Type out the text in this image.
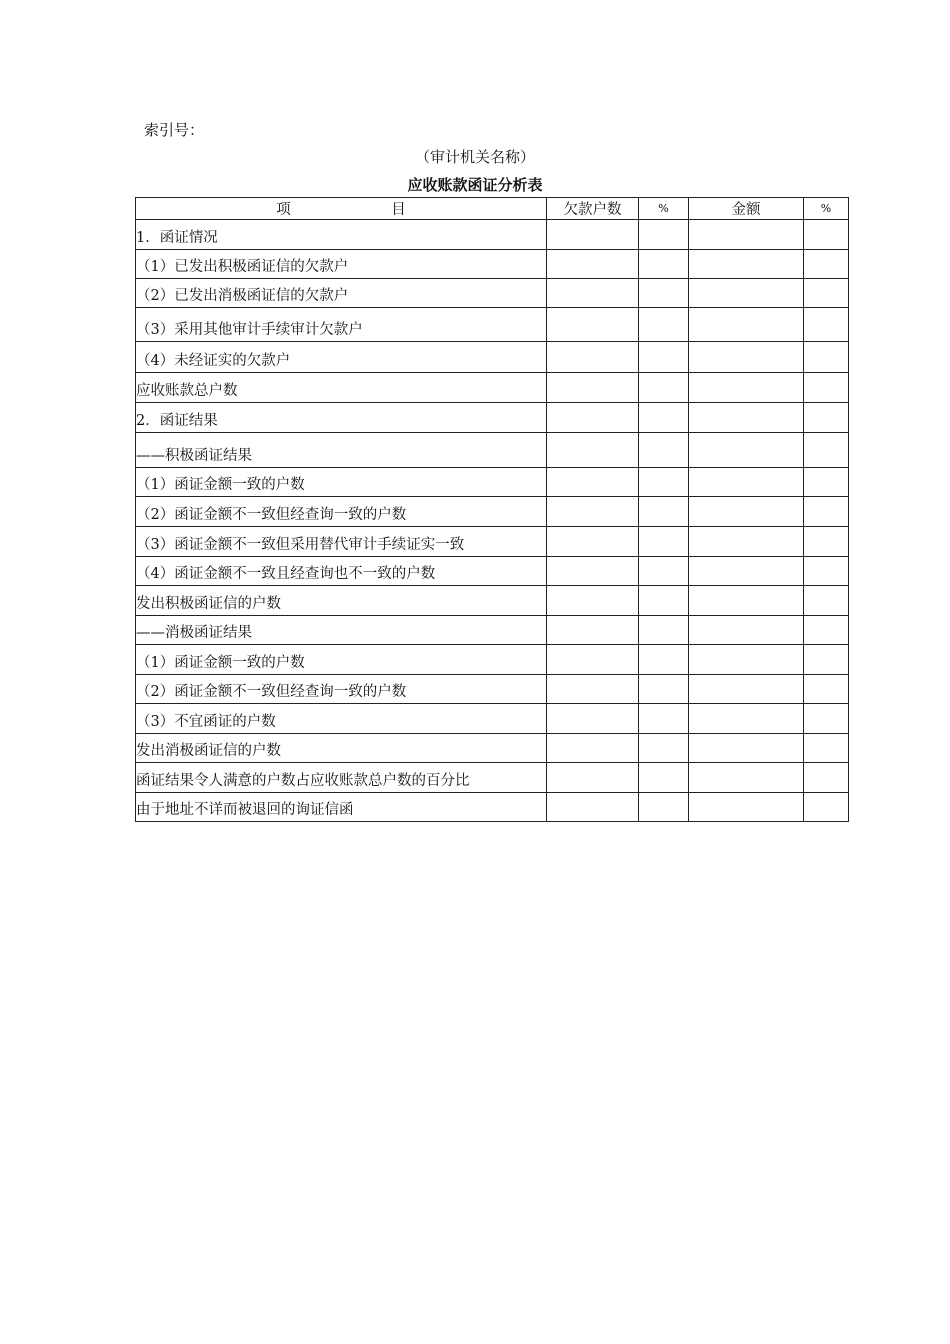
索引号：
（审计机关名称）
应收账款函证分析表
项 目	欠款户数	%	金额	%
1．函证情况				
（1）已发出积极函证信的欠款户				
（2）已发出消极函证信的欠款户				
（3）采用其他审计手续审计欠款户				
（4）未经证实的欠款户				
应收账款总户数				
2．函证结果				
——积极函证结果				
（1）函证金额一致的户数				
（2）函证金额不一致但经查询一致的户数				
（3）函证金额不一致但采用替代审计手续证实一致				
（4）函证金额不一致且经查询也不一致的户数				
发出积极函证信的户数				
——消极函证结果				
（1）函证金额一致的户数				
（2）函证金额不一致但经查询一致的户数				
（3）不宜函证的户数				
发出消极函证信的户数				
函证结果令人满意的户数占应收账款总户数的百分比				
由于地址不详而被退回的询证信函				
